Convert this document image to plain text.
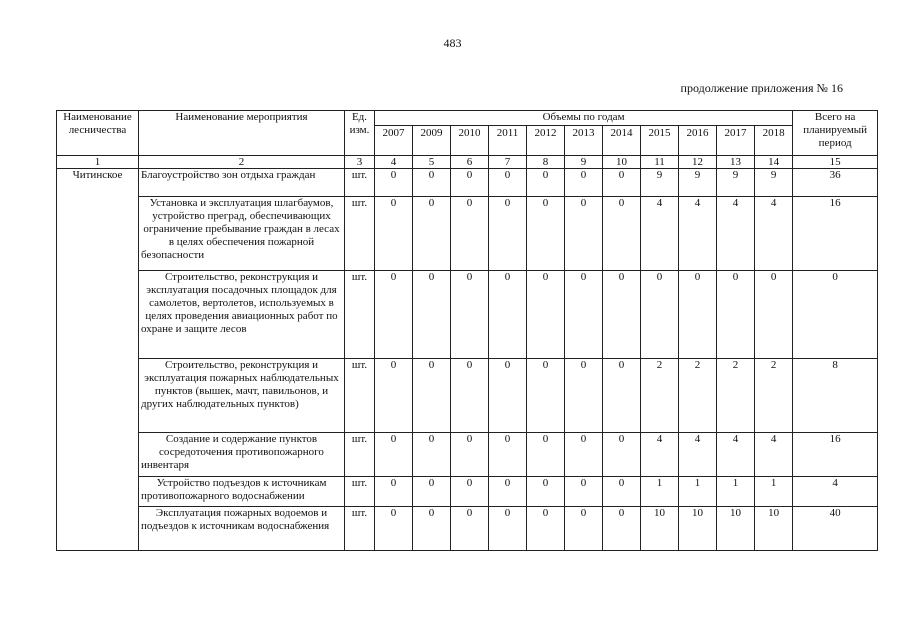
483
продолжение приложения № 16
Наименование лесничества	Наименование мероприятия	Ед. изм.	Объемы по годам											Всего на планируемый период
			2007	2009	2010	2011	2012	2013	2014	2015	2016	2017	2018	
1	2	3	4	5	6	7	8	9	10	11	12	13	14	15
Читинское	Благоустройство зон отдыха граждан	шт.	0	0	0	0	0	0	0	9	9	9	9	36
	Установка и эксплуатация шлагбаумов, устройство преград, обеспечивающих ограничение пребывание граждан в лесах в целях обеспечения пожарной безопасности	шт.	0	0	0	0	0	0	0	4	4	4	4	16
	Строительство, реконструкция и эксплуатация посадочных площадок для самолетов, вертолетов, используемых в целях проведения авиационных работ по охране и защите лесов	шт.	0	0	0	0	0	0	0	0	0	0	0	0
	Строительство, реконструкция и эксплуатация пожарных наблюдательных пунктов (вышек, мачт, павильонов, и других наблюдательных пунктов)	шт.	0	0	0	0	0	0	0	2	2	2	2	8
	Создание и содержание пунктов сосредоточения противопожарного инвентаря	шт.	0	0	0	0	0	0	0	4	4	4	4	16
	Устройство подъездов к источникам противопожарного водоснабжении	шт.	0	0	0	0	0	0	0	1	1	1	1	4
	Эксплуатация пожарных водоемов и подъездов к источникам водоснабжения	шт.	0	0	0	0	0	0	0	10	10	10	10	40
